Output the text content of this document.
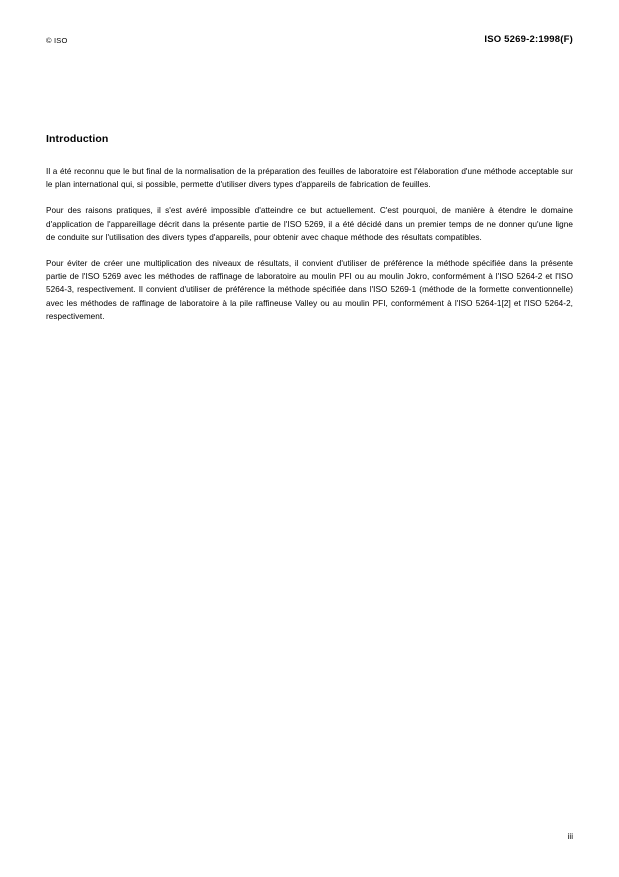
© ISO	ISO 5269-2:1998(F)
Introduction

Il a été reconnu que le but final de la normalisation de la préparation des feuilles de laboratoire est l'élaboration d'une méthode acceptable sur le plan international qui, si possible, permette d'utiliser divers types d'appareils de fabrication de feuilles.

Pour des raisons pratiques, il s'est avéré impossible d'atteindre ce but actuellement. C'est pourquoi, de manière à étendre le domaine d'application de l'appareillage décrit dans la présente partie de l'ISO 5269, il a été décidé dans un premier temps de ne donner qu'une ligne de conduite sur l'utilisation des divers types d'appareils, pour obtenir avec chaque méthode des résultats compatibles.

Pour éviter de créer une multiplication des niveaux de résultats, il convient d'utiliser de préférence la méthode spécifiée dans la présente partie de l'ISO 5269 avec les méthodes de raffinage de laboratoire au moulin PFI ou au moulin Jokro, conformément à l'ISO 5264-2 et l'ISO 5264-3, respectivement. Il convient d'utiliser de préférence la méthode spécifiée dans l'ISO 5269-1 (méthode de la formette conventionnelle) avec les méthodes de raffinage de laboratoire à la pile raffineuse Valley ou au moulin PFI, conformément à l'ISO 5264-1[2] et l'ISO 5264-2, respectivement.

iii
